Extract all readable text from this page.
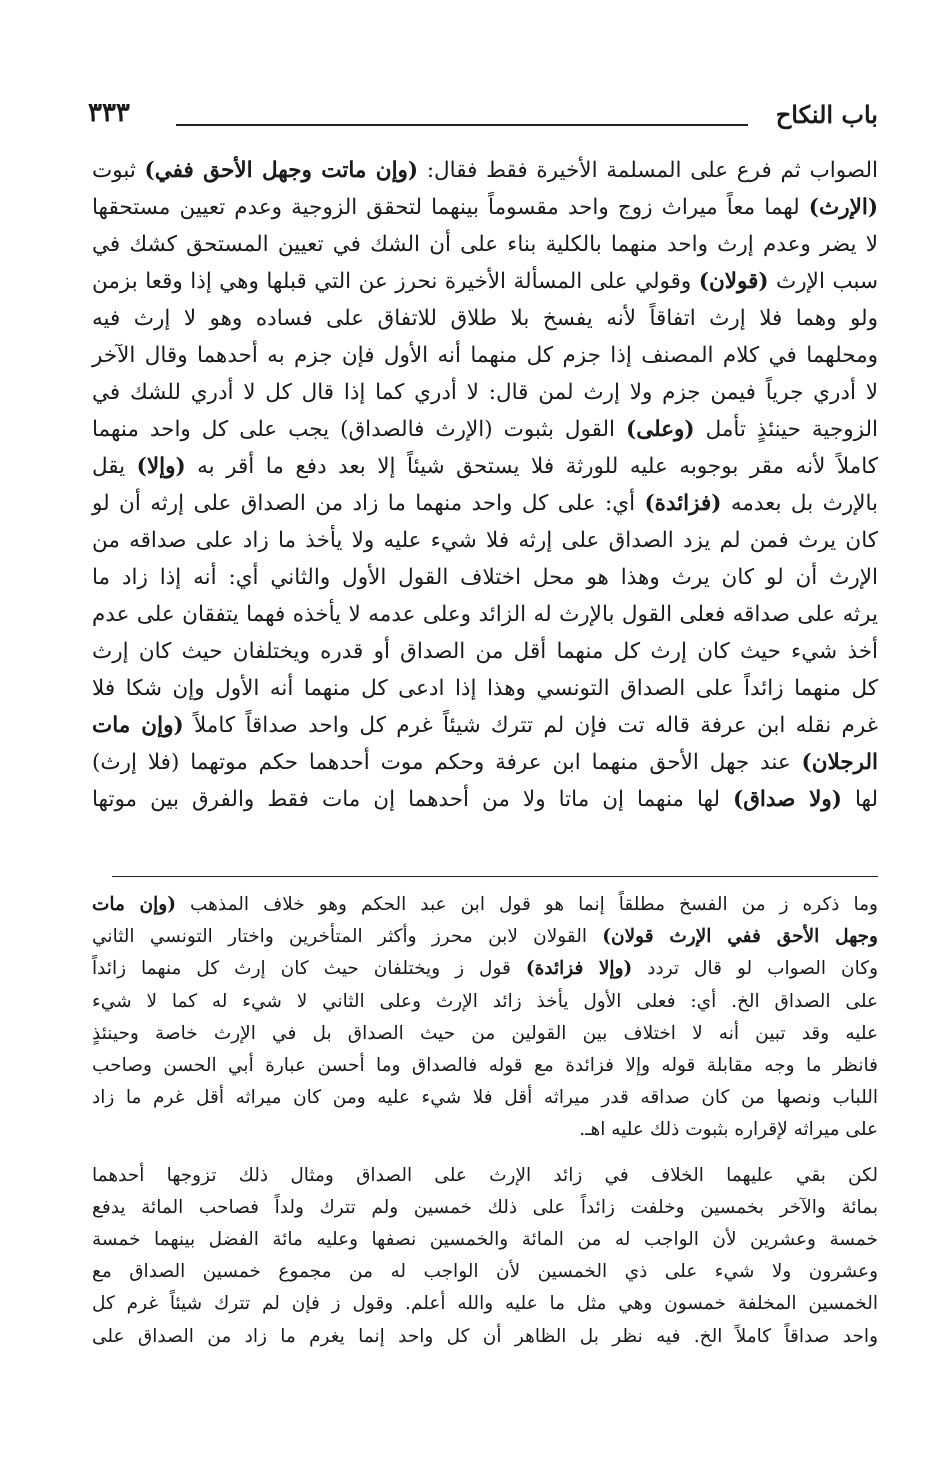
باب النكاح
٣٣٣

الصواب ثم فرع على المسلمة الأخيرة فقط فقال: (وإن ماتت وجهل الأحق ففي) ثبوت

(الإرث) لهما معاً ميراث زوج واحد مقسوماً بينهما لتحقق الزوجية وعدم تعيين مستحقها

لا يضر وعدم إرث واحد منهما بالكلية بناء على أن الشك في تعيين المستحق كشك في

سبب الإرث (قولان) وقولي على المسألة الأخيرة نحرز عن التي قبلها وهي إذا وقعا بزمن

ولو وهما فلا إرث اتفاقاً لأنه يفسخ بلا طلاق للاتفاق على فساده وهو لا إرث فيه

ومحلهما في كلام المصنف إذا جزم كل منهما أنه الأول فإن جزم به أحدهما وقال الآخر

لا أدري جرياً فيمن جزم ولا إرث لمن قال: لا أدري كما إذا قال كل لا أدري للشك في

الزوجية حينئذٍ تأمل (وعلى) القول بثبوت (الإرث فالصداق) يجب على كل واحد منهما

كاملاً لأنه مقر بوجوبه عليه للورثة فلا يستحق شيئاً إلا بعد دفع ما أقر به (وإلا) يقل

بالإرث بل بعدمه (فزائدة) أي: على كل واحد منهما ما زاد من الصداق على إرثه أن لو

كان يرث فمن لم يزد الصداق على إرثه فلا شيء عليه ولا يأخذ ما زاد على صداقه من

الإرث أن لو كان يرث وهذا هو محل اختلاف القول الأول والثاني أي: أنه إذا زاد ما

يرثه على صداقه فعلى القول بالإرث له الزائد وعلى عدمه لا يأخذه فهما يتفقان على عدم

أخذ شيء حيث كان إرث كل منهما أقل من الصداق أو قدره ويختلفان حيث كان إرث

كل منهما زائداً على الصداق التونسي وهذا إذا ادعى كل منهما أنه الأول وإن شكا فلا

غرم نقله ابن عرفة قاله تت فإن لم تترك شيئاً غرم كل واحد صداقاً كاملاً (وإن مات

الرجلان) عند جهل الأحق منهما ابن عرفة وحكم موت أحدهما حكم موتهما (فلا إرث)

لها (ولا صداق) لها منهما إن ماتا ولا من أحدهما إن مات فقط والفرق بين موتها

وما ذكره ز من الفسخ مطلقاً إنما هو قول ابن عبد الحكم وهو خلاف المذهب (وإن مات

وجهل الأحق ففي الإرث قولان) القولان لابن محرز وأكثر المتأخرين واختار التونسي الثاني

وكان الصواب لو قال تردد (وإلا فزائدة) قول ز ويختلفان حيث كان إرث كل منهما زائداً

على الصداق الخ. أي: فعلى الأول يأخذ زائد الإرث وعلى الثاني لا شيء له كما لا شيء

عليه وقد تبين أنه لا اختلاف بين القولين من حيث الصداق بل في الإرث خاصة وحينئذٍ

فانظر ما وجه مقابلة قوله وإلا فزائدة مع قوله فالصداق وما أحسن عبارة أبي الحسن وصاحب

اللباب ونصها من كان صداقه قدر ميراثه أقل فلا شيء عليه ومن كان ميراثه أقل غرم ما زاد

على ميراثه لإقراره بثبوت ذلك عليه اهـ.

لكن بقي عليهما الخلاف في زائد الإرث على الصداق ومثال ذلك تزوجها أحدهما

بمائة والآخر بخمسين وخلفت زائداً على ذلك خمسين ولم تترك ولداً فصاحب المائة يدفع

خمسة وعشرين لأن الواجب له من المائة والخمسين نصفها وعليه مائة الفضل بينهما خمسة

وعشرون ولا شيء على ذي الخمسين لأن الواجب له من مجموع خمسين الصداق مع

الخمسين المخلفة خمسون وهي مثل ما عليه والله أعلم. وقول ز فإن لم تترك شيئاً غرم كل

واحد صداقاً كاملاً الخ. فيه نظر بل الظاهر أن كل واحد إنما يغرم ما زاد من الصداق على
